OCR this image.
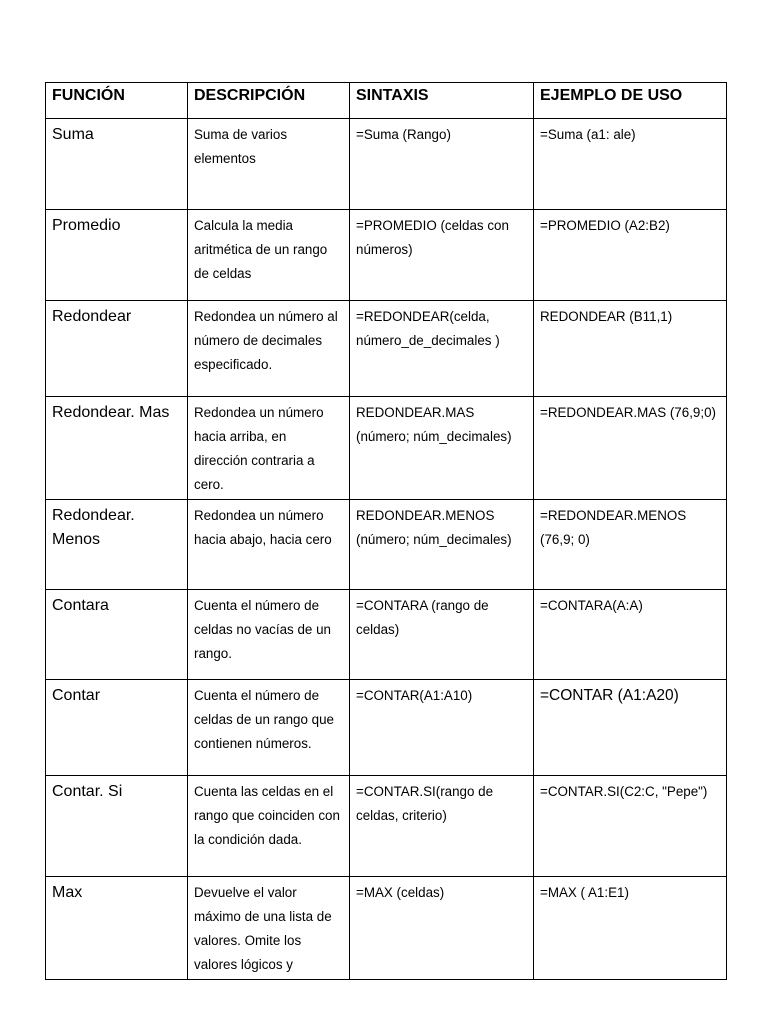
FUNCIÓN	DESCRIPCIÓN	SINTAXIS	EJEMPLO DE USO
Suma	Suma de varios elementos	=Suma (Rango)	=Suma (a1: ale)
Promedio	Calcula la media aritmética de un rango de celdas	=PROMEDIO (celdas con números)	=PROMEDIO (A2:B2)
Redondear	Redondea un número al número de decimales especificado.	=REDONDEAR(celda, número_de_decimales )	REDONDEAR (B11,1)
Redondear. Mas	Redondea un número hacia arriba, en dirección contraria a cero.	REDONDEAR.MAS (número; núm_decimales)	=REDONDEAR.MAS (76,9;0)
Redondear. Menos	Redondea un número hacia abajo, hacia cero	REDONDEAR.MENOS (número; núm_decimales)	=REDONDEAR.MENOS (76,9; 0)
Contara	Cuenta el número de celdas no vacías de un rango.	=CONTARA (rango de celdas)	=CONTARA(A:A)
Contar	Cuenta el número de celdas de un rango que contienen números.	=CONTAR(A1:A10)	=CONTAR (A1:A20)
Contar. Si	Cuenta las celdas en el rango que coinciden con la condición dada.	=CONTAR.SI(rango de celdas, criterio)	=CONTAR.SI(C2:C, "Pepe")
Max	Devuelve el valor máximo de una lista de valores. Omite los valores lógicos y	=MAX (celdas)	=MAX ( A1:E1)
